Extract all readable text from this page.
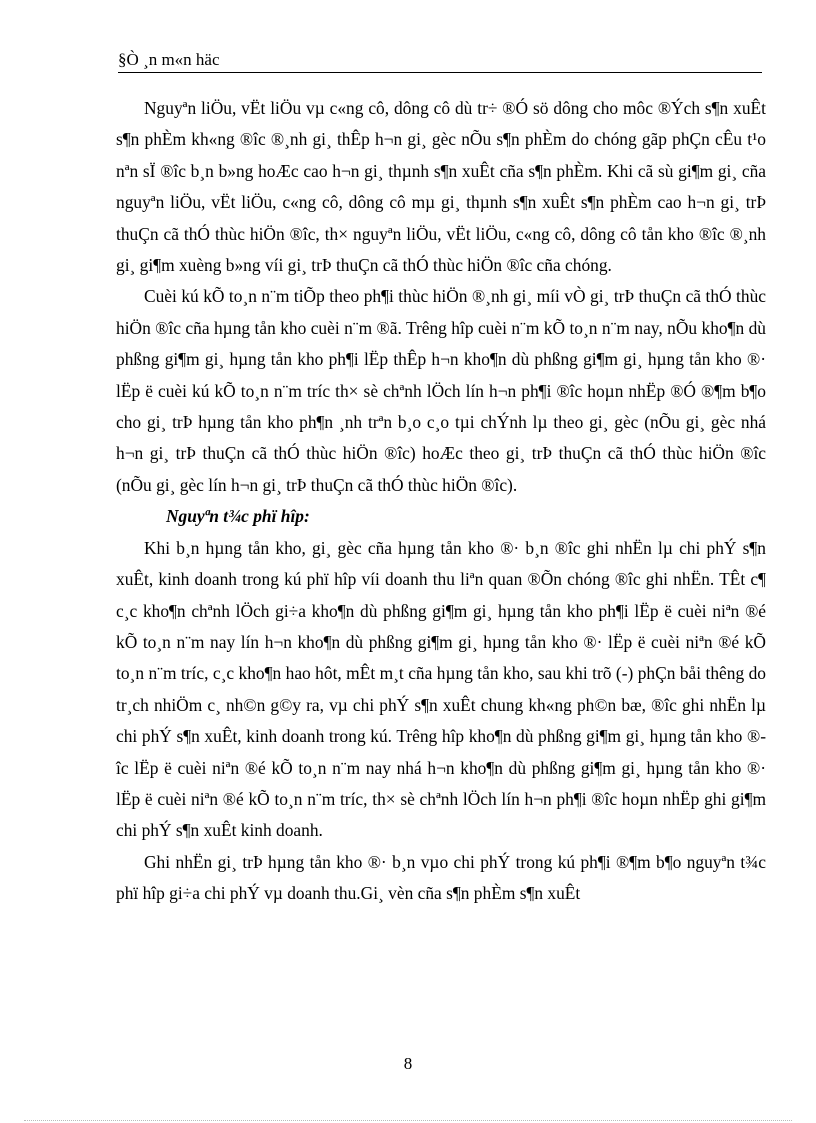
§Ò ¸n m«n häc

Nguyªn liÖu, vËt liÖu vµ c«ng cô, dông cô dù tr÷ ®Ó sö dông cho môc ®Ých s¶n xuÊt s¶n phÈm kh«ng ®îc ®¸nh gi¸ thÊp h¬n gi¸ gèc nÕu s¶n phÈm do chóng gãp phÇn cÊu t¹o nªn sÏ ®îc b¸n b»ng hoÆc cao h¬n gi¸ thµnh s¶n xuÊt cña s¶n phÈm. Khi cã sù gi¶m gi¸ cña nguyªn liÖu, vËt liÖu, c«ng cô, dông cô mµ gi¸ thµnh s¶n xuÊt s¶n phÈm cao h¬n gi¸ trÞ thuÇn cã thÓ thùc hiÖn ®îc, th× nguyªn liÖu, vËt liÖu, c«ng cô, dông cô tån kho ®îc ®¸nh gi¸ gi¶m xuèng b»ng víi gi¸ trÞ thuÇn cã thÓ thùc hiÖn ®îc cña chóng.

Cuèi kú kÕ to¸n n¨m tiÕp theo ph¶i thùc hiÖn ®¸nh gi¸ míi vÒ gi¸ trÞ thuÇn cã thÓ thùc hiÖn ®îc cña hµng tån kho cuèi n¨m ®ã. Trêng hîp cuèi n¨m kÕ to¸n n¨m nay, nÕu kho¶n dù phßng gi¶m gi¸ hµng tån kho ph¶i lËp thÊp h¬n kho¶n dù phßng gi¶m gi¸ hµng tån kho ®· lËp ë cuèi kú kÕ to¸n n¨m tríc th× sè chªnh lÖch lín h¬n ph¶i ®îc hoµn nhËp ®Ó ®¶m b¶o cho gi¸ trÞ hµng tån kho ph¶n ¸nh trªn b¸o c¸o tµi chÝnh lµ theo gi¸ gèc (nÕu gi¸ gèc nhá h¬n gi¸ trÞ thuÇn cã thÓ thùc hiÖn ®îc) hoÆc theo gi¸ trÞ thuÇn cã thÓ thùc hiÖn ®îc (nÕu gi¸ gèc lín h¬n gi¸ trÞ thuÇn cã thÓ thùc hiÖn ®îc).

Nguyªn t¾c phï hîp:

Khi b¸n hµng tån kho, gi¸ gèc cña hµng tån kho ®· b¸n ®îc ghi nhËn lµ chi phÝ s¶n xuÊt, kinh doanh trong kú phï hîp víi doanh thu liªn quan ®Õn chóng ®îc ghi nhËn. TÊt c¶ c¸c kho¶n chªnh lÖch gi÷a kho¶n dù phßng gi¶m gi¸ hµng tån kho ph¶i lËp ë cuèi niªn ®é kÕ to¸n n¨m nay lín h¬n kho¶n dù phßng gi¶m gi¸ hµng tån kho ®· lËp ë cuèi niªn ®é kÕ to¸n n¨m tríc, c¸c kho¶n hao hôt, mÊt m¸t cña hµng tån kho, sau khi trõ (-) phÇn båi thêng do tr¸ch nhiÖm c¸ nh©n g©y ra, vµ chi phÝ s¶n xuÊt chung kh«ng ph©n bæ, ®îc ghi nhËn lµ chi phÝ s¶n xuÊt, kinh doanh trong kú. Trêng hîp kho¶n dù phßng gi¶m gi¸ hµng tån kho ®îc lËp ë cuèi niªn ®é kÕ to¸n n¨m nay nhá h¬n kho¶n dù phßng gi¶m gi¸ hµng tån kho ®· lËp ë cuèi niªn ®é kÕ to¸n n¨m tríc, th× sè chªnh lÖch lín h¬n ph¶i ®îc hoµn nhËp ghi gi¶m chi phÝ s¶n xuÊt kinh doanh.

Ghi nhËn gi¸ trÞ hµng tån kho ®· b¸n vµo chi phÝ trong kú ph¶i ®¶m b¶o nguyªn t¾c phï hîp gi÷a chi phÝ vµ doanh thu.Gi¸ vèn cña s¶n phÈm s¶n xuÊt

8
